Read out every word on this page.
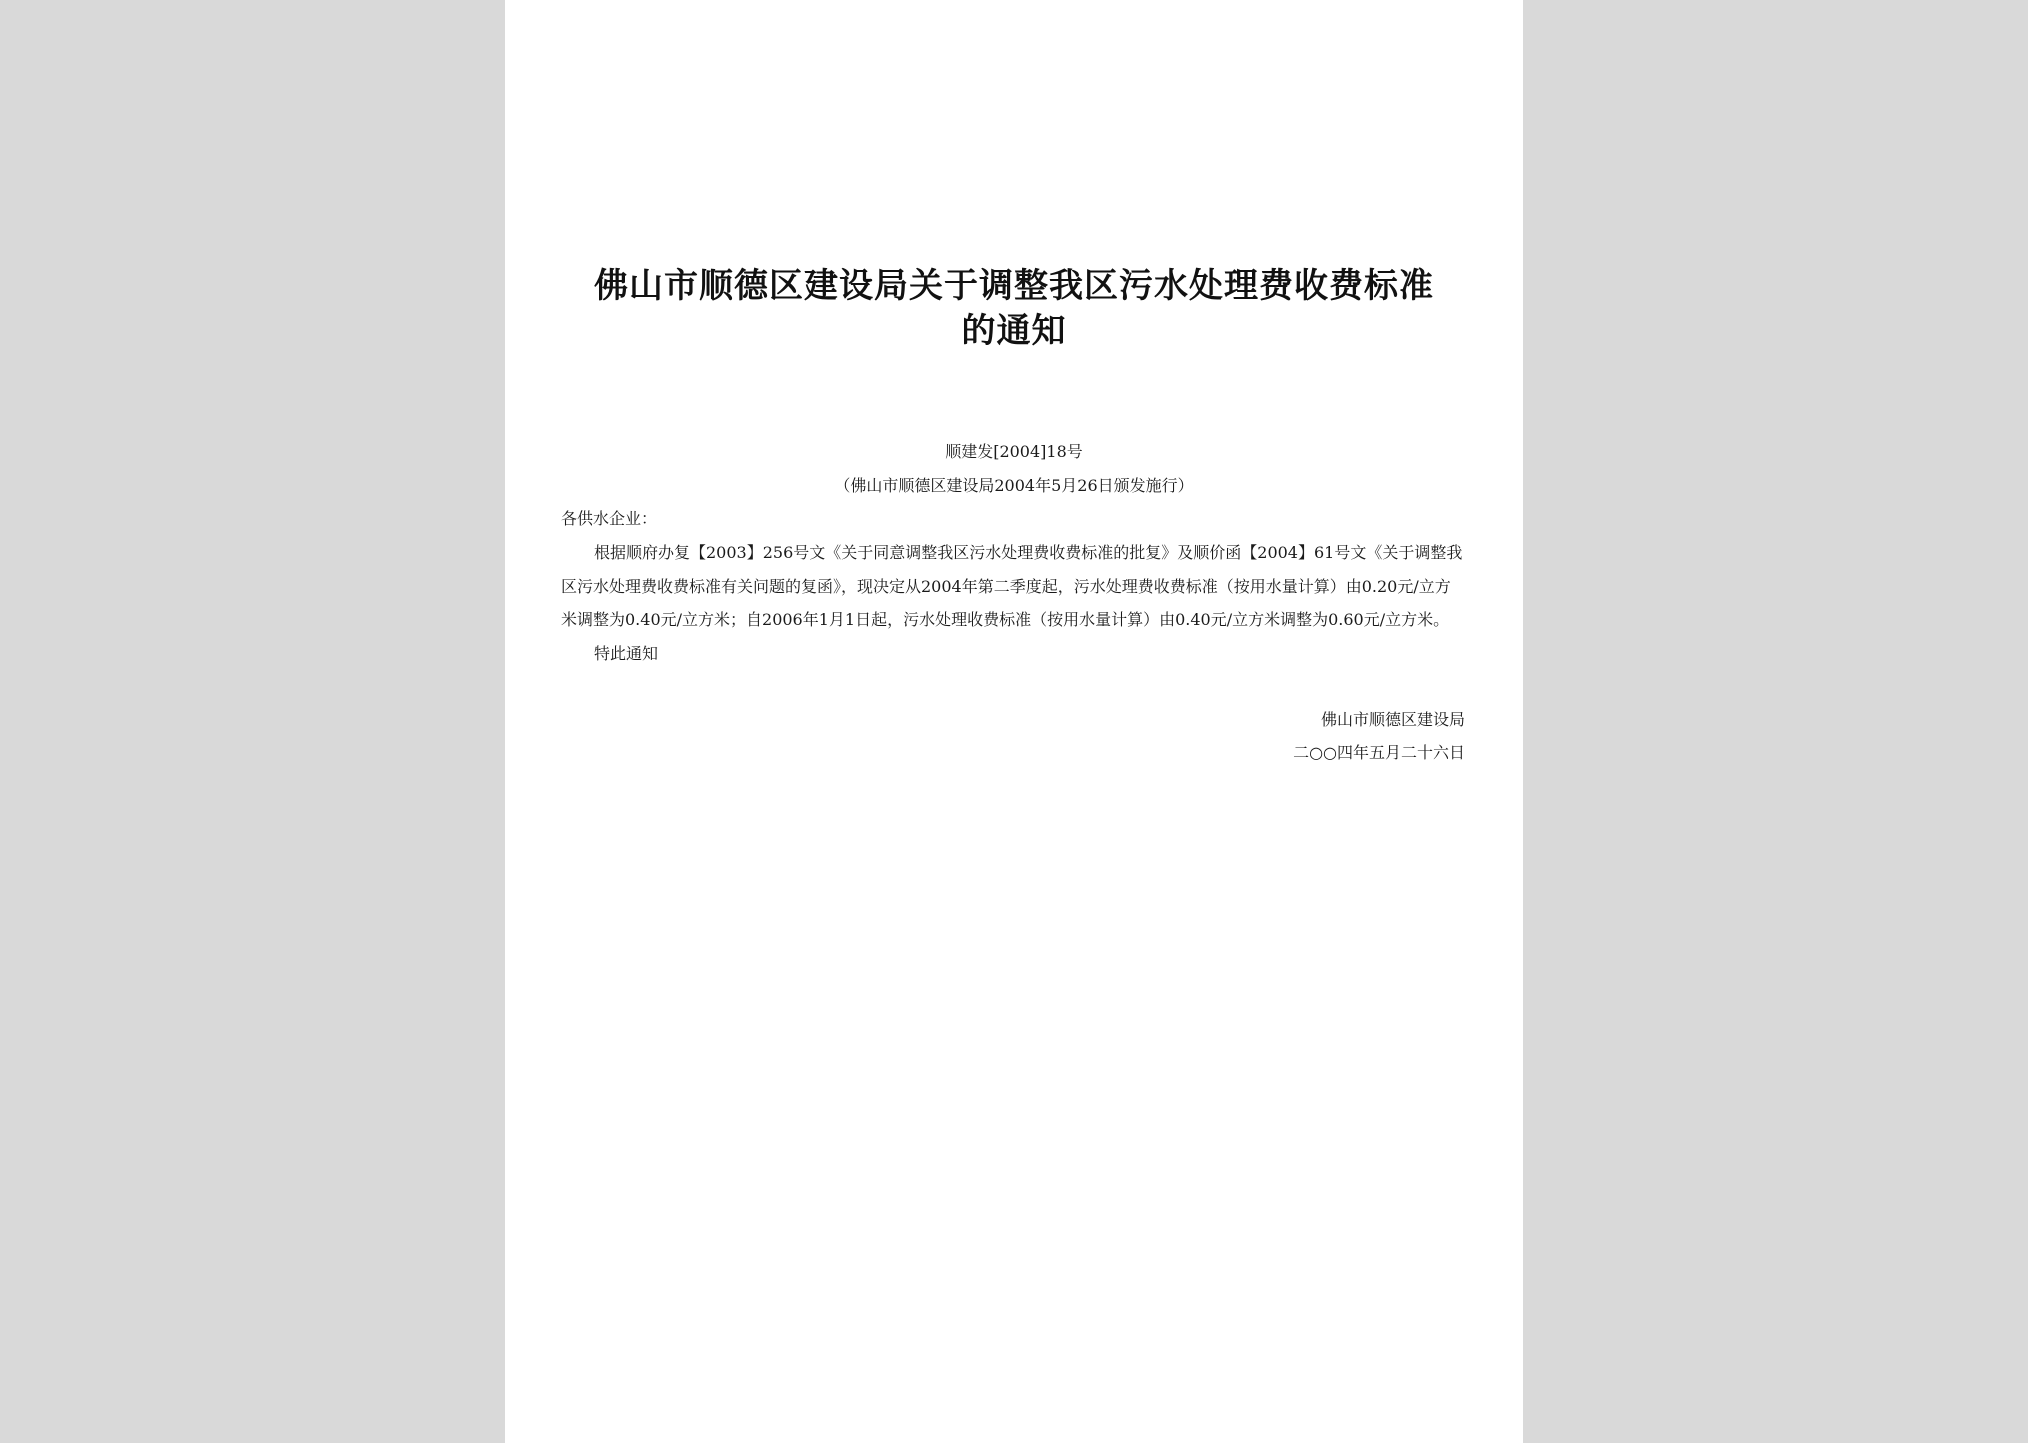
佛山市顺德区建设局关于调整我区污水处理费收费标准
的通知
顺建发[2004]18号
（佛山市顺德区建设局2004年5月26日颁发施行）
各供水企业：
根据顺府办复【2003】256号文《关于同意调整我区污水处理费收费标准的批复》及顺价函【2004】61号文《关于调整我
区污水处理费收费标准有关问题的复函》，现决定从2004年第二季度起，污水处理费收费标准（按用水量计算）由0.20元/立方
米调整为0.40元/立方米；自2006年1月1日起，污水处理收费标准（按用水量计算）由0.40元/立方米调整为0.60元/立方米。
特此通知
佛山市顺德区建设局
二○○四年五月二十六日
